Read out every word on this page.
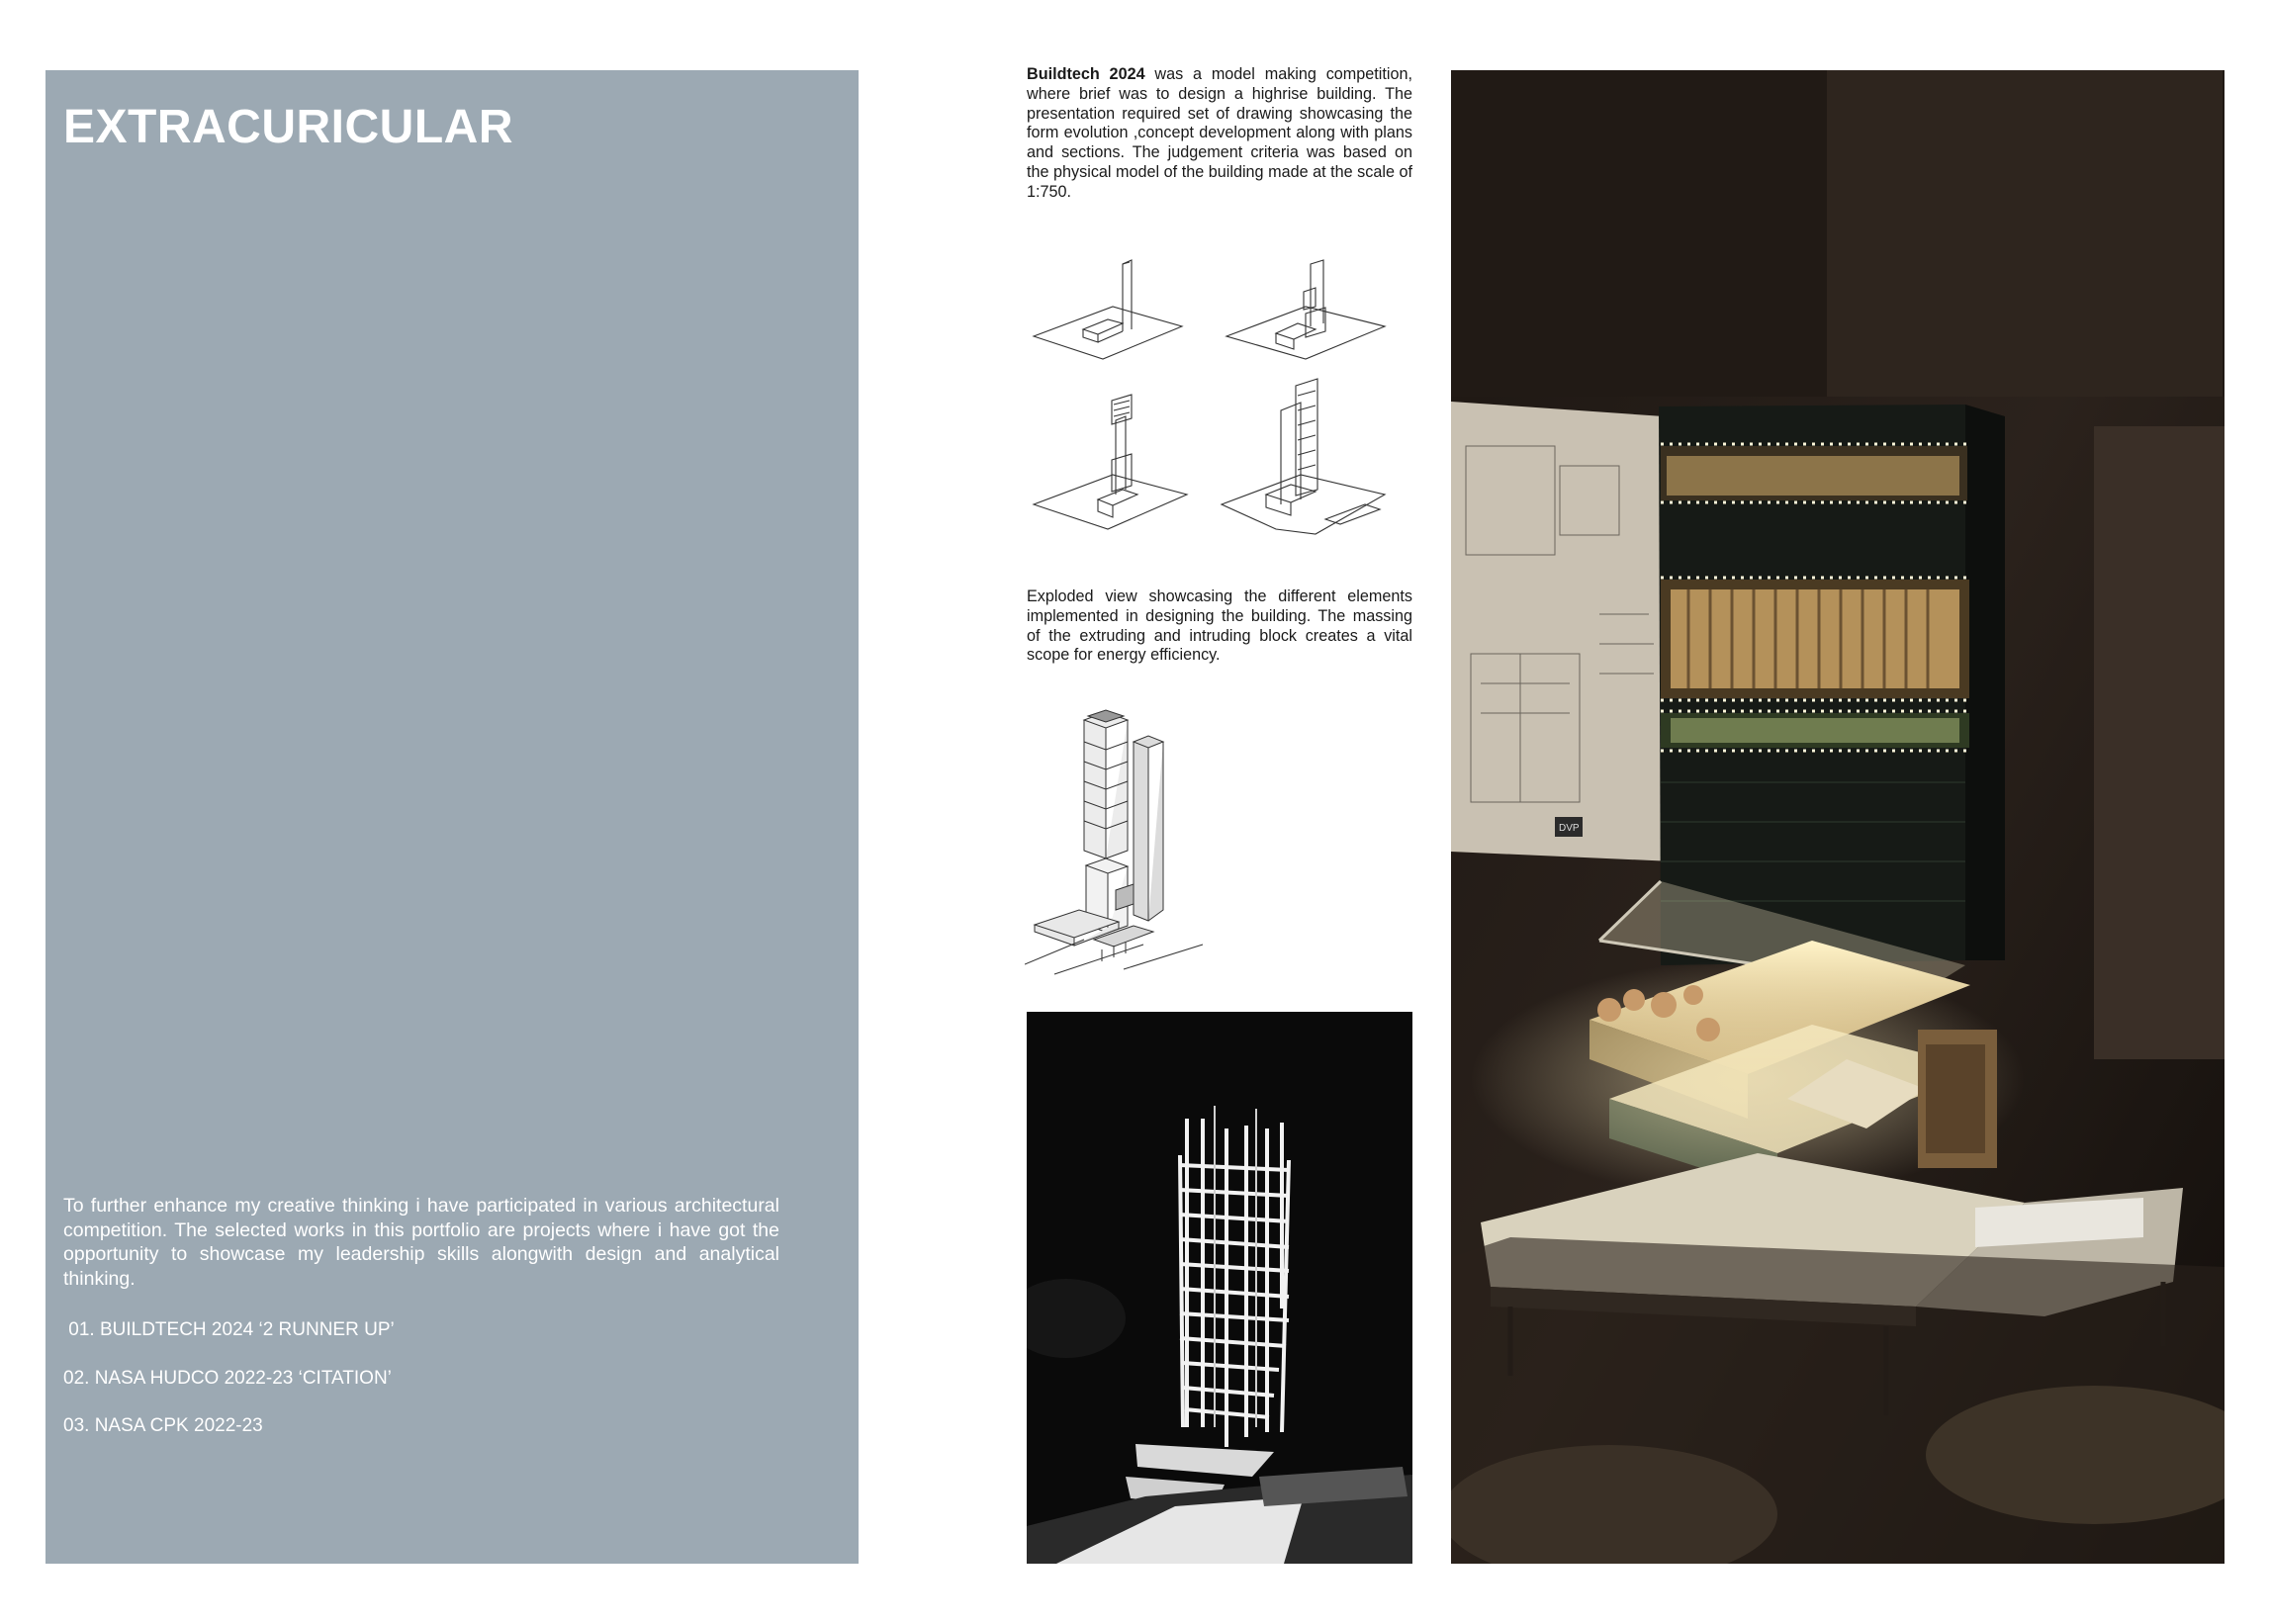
EXTRACURICULAR

To further enhance my creative thinking i have participated in various architectural competition. The selected works in this portfolio are projects where i have got the opportunity to showcase my leadership skills alongwith design and analytical thinking.

01. BUILDTECH 2024 ‘2 RUNNER UP’
02. NASA HUDCO 2022-23 ‘CITATION’
03. NASA CPK 2022-23

Buildtech 2024 was a model making competition, where brief was to design a highrise building. The presentation required set of drawing showcasing the form evolution ,concept development along with plans and sections. The judgement criteria was based on the physical model of the building made at the scale of 1:750.

Exploded view showcasing the different elements implemented in designing the building. The massing of the extruding and intruding block creates a vital scope for energy efficiency.

DVP
